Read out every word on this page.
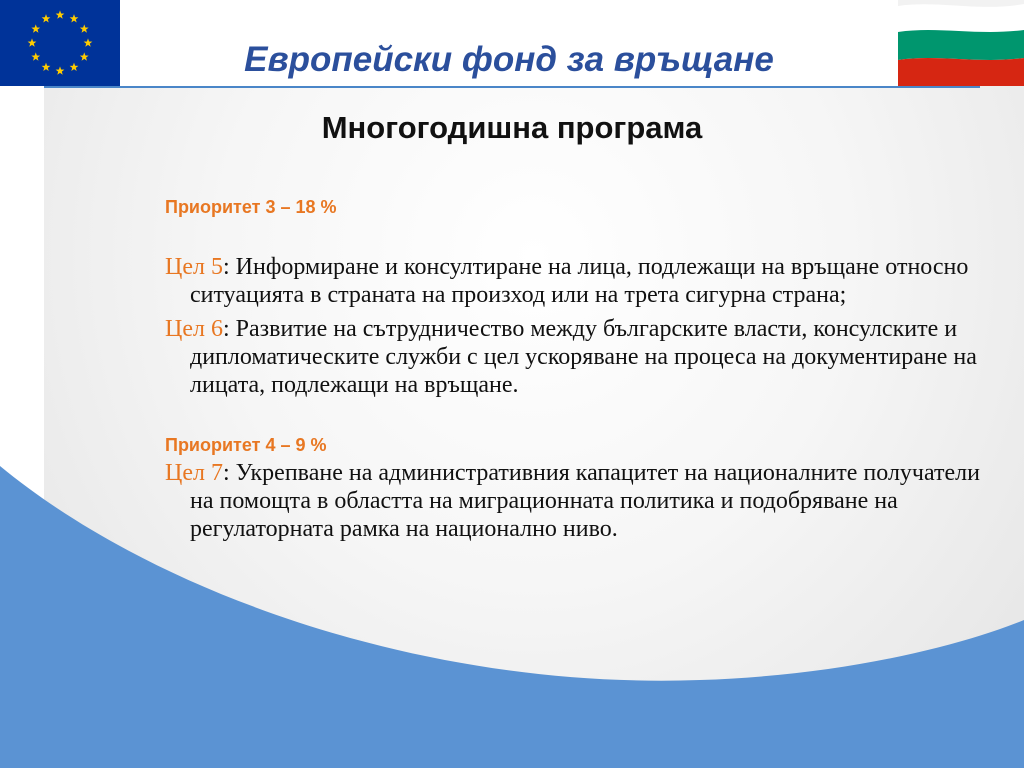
Европейски фонд за връщане
Многогодишна програма
Приоритет 3 – 18 %
Цел 5: Информиране и консултиране на лица, подлежащи на връщане относно ситуацията в страната на произход или на трета сигурна страна;
Цел 6: Развитие на сътрудничество между българските власти, консулските и дипломатическите служби с цел ускоряване на процеса на документиране на лицата, подлежащи на връщане.
Приоритет 4 – 9 %
Цел 7: Укрепване на административния капацитет на националните получатели на помощта в областта на миграционната политика и подобряване на регулаторната рамка на национално ниво.
